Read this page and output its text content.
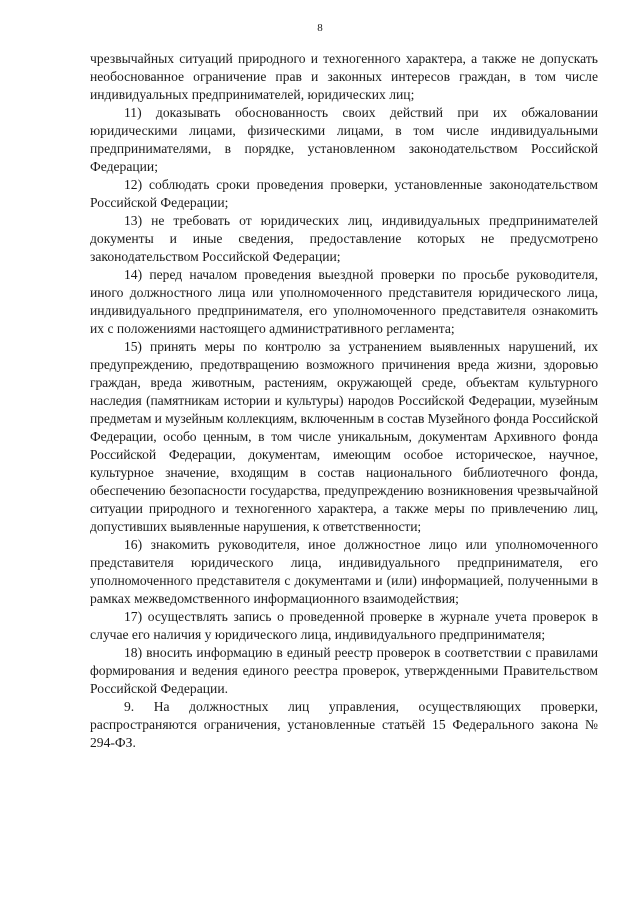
8

чрезвычайных ситуаций природного и техногенного характера, а также не допускать необоснованное ограничение прав и законных интересов граждан, в том числе индивидуальных предпринимателей, юридических лиц;

11) доказывать обоснованность своих действий при их обжаловании юридическими лицами, физическими лицами, в том числе индивидуальными предпринимателями, в порядке, установленном законодательством Российской Федерации;

12) соблюдать сроки проведения проверки, установленные законодательством Российской Федерации;

13) не требовать от юридических лиц, индивидуальных предпринимателей документы и иные сведения, предоставление которых не предусмотрено законодательством Российской Федерации;

14) перед началом проведения выездной проверки по просьбе руководителя, иного должностного лица или уполномоченного представителя юридического лица, индивидуального предпринимателя, его уполномоченного представителя ознакомить их с положениями настоящего административного регламента;

15) принять меры по контролю за устранением выявленных нарушений, их предупреждению, предотвращению возможного причинения вреда жизни, здоровью граждан, вреда животным, растениям, окружающей среде, объектам культурного наследия (памятникам истории и культуры) народов Российской Федерации, музейным предметам и музейным коллекциям, включенным в состав Музейного фонда Российской Федерации, особо ценным, в том числе уникальным, документам Архивного фонда Российской Федерации, документам, имеющим особое историческое, научное, культурное значение, входящим в состав национального библиотечного фонда, обеспечению безопасности государства, предупреждению возникновения чрезвычайной ситуации природного и техногенного характера, а также меры по привлечению лиц, допустивших выявленные нарушения, к ответственности;

16) знакомить руководителя, иное должностное лицо или уполномоченного представителя юридического лица, индивидуального предпринимателя, его уполномоченного представителя с документами и (или) информацией, полученными в рамках межведомственного информационного взаимодействия;

17) осуществлять запись о проведенной проверке в журнале учета проверок в случае его наличия у юридического лица, индивидуального предпринимателя;

18) вносить информацию в единый реестр проверок в соответствии с правилами формирования и ведения единого реестра проверок, утвержденными Правительством Российской Федерации.

9. На должностных лиц управления, осуществляющих проверки, распространяются ограничения, установленные статьёй 15 Федерального закона № 294-ФЗ.
